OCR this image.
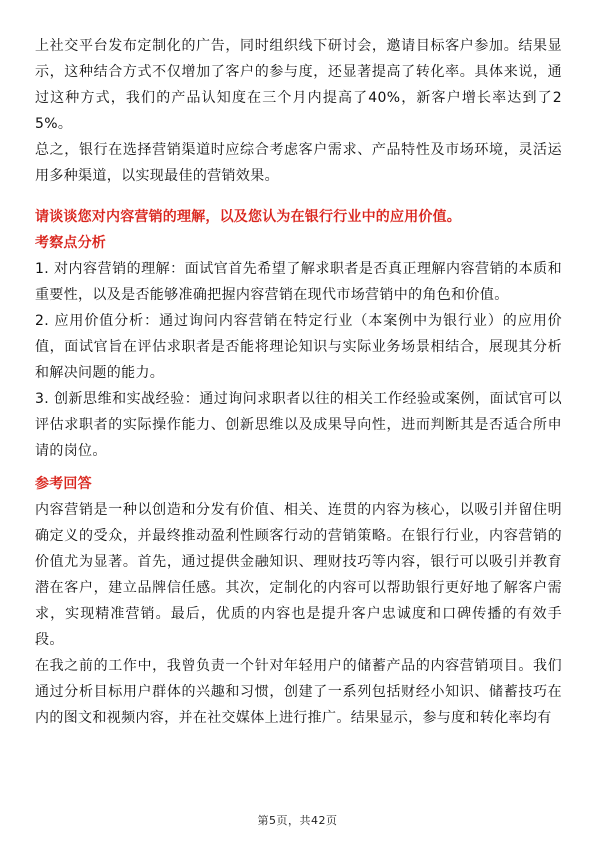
上社交平台发布定制化的广告，同时组织线下研讨会，邀请目标客户参加。结果显示，这种结合方式不仅增加了客户的参与度，还显著提高了转化率。具体来说，通过这种方式，我们的产品认知度在三个月内提高了40%，新客户增长率达到了25%。

总之，银行在选择营销渠道时应综合考虑客户需求、产品特性及市场环境，灵活运用多种渠道，以实现最佳的营销效果。

请谈谈您对内容营销的理解，以及您认为在银行行业中的应用价值。

考察点分析

1. 对内容营销的理解：面试官首先希望了解求职者是否真正理解内容营销的本质和重要性，以及是否能够准确把握内容营销在现代市场营销中的角色和价值。

2. 应用价值分析：通过询问内容营销在特定行业（本案例中为银行业）的应用价值，面试官旨在评估求职者是否能将理论知识与实际业务场景相结合，展现其分析和解决问题的能力。

3. 创新思维和实战经验：通过询问求职者以往的相关工作经验或案例，面试官可以评估求职者的实际操作能力、创新思维以及成果导向性，进而判断其是否适合所申请的岗位。

参考回答

内容营销是一种以创造和分发有价值、相关、连贯的内容为核心，以吸引并留住明确定义的受众，并最终推动盈利性顾客行动的营销策略。在银行行业，内容营销的价值尤为显著。首先，通过提供金融知识、理财技巧等内容，银行可以吸引并教育潜在客户，建立品牌信任感。其次，定制化的内容可以帮助银行更好地了解客户需求，实现精准营销。最后，优质的内容也是提升客户忠诚度和口碑传播的有效手段。

在我之前的工作中，我曾负责一个针对年轻用户的储蓄产品的内容营销项目。我们通过分析目标用户群体的兴趣和习惯，创建了一系列包括财经小知识、储蓄技巧在内的图文和视频内容，并在社交媒体上进行推广。结果显示，参与度和转化率均有

第5页，共42页
